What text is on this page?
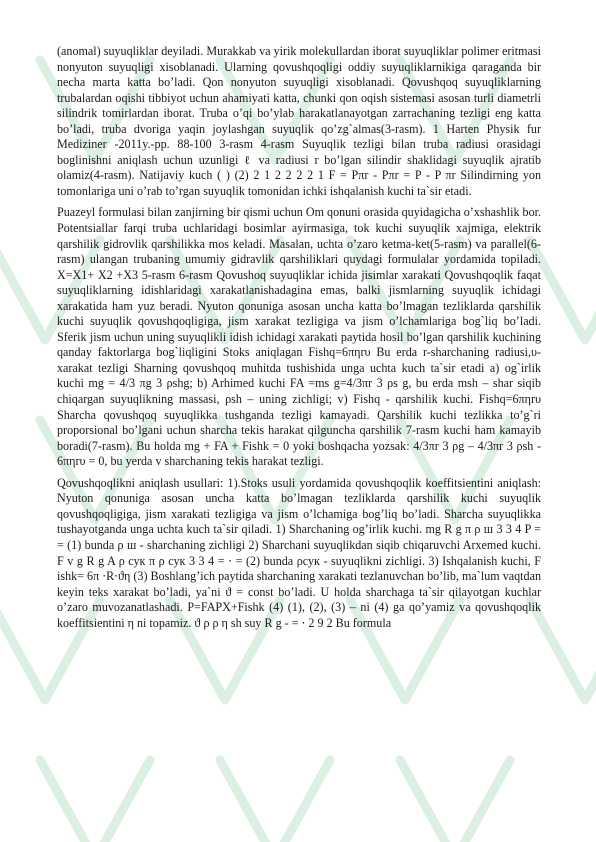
(anomal) suyuqliklar deyiladi. Murakkab va yirik molekullardan iborat suyuqliklar polimer eritmasi nonyuton suyuqligi xisoblanadi. Ularning qovushqoqligi oddiy suyuqliklarnikiga qaraganda bir necha marta katta bo’ladi. Qon nonyuton suyuqligi xisoblanadi. Qovushqoq suyuqliklarning trubalardan oqishi tibbiyot uchun ahamiyati katta, chunki qon oqish sistemasi asosan turli diametrli silindrik tomirlardan iborat. Truba o’qi bo’ylab harakatlanayotgan zarrachaning tezligi eng katta bo’ladi, truba dvoriga yaqin joylashgan suyuqlik qo’zg`almas(3-rasm). 1 Harten Physik fur Mediziner -2011y.-pp. 88-100 3-rasm 4-rasm Suyuqlik tezligi bilan truba radiusi orasidagi boglinishni aniqlash uchun uzunligi ℓ va radiusi r bo’lgan silindir shaklidagi suyuqlik ajratib olamiz(4-rasm). Natijaviy kuch ( ) (2) 2 1 2 2 2 2 1 F = Pπr - Pπr = P - P πr Silindirning yon tomonlariga uni o’rab to’rgan suyuqlik tomonidan ichki ishqalanish kuchi ta`sir etadi.

Puazeyl formulasi bilan zanjirning bir qismi uchun Om qonuni orasida quyidagicha o’xshashlik bor. Potentsiallar farqi truba uchlaridagi bosimlar ayirmasiga, tok kuchi suyuqlik xajmiga, elektrik qarshilik gidrovlik qarshilikka mos keladi. Masalan, uchta o’zaro ketma-ket(5-rasm) va parallel(6-rasm) ulangan trubaning umumiy gidravlik qarshiliklari quydagi formulalar yordamida topiladi. X=X1+ X2 +X3 5-rasm 6-rasm Qovushoq suyuqliklar ichida jisimlar xarakati Qovushqoqlik faqat suyuqliklarning idishlaridagi xarakatlanishadagina emas, balki jismlarning suyuqlik ichidagi xarakatida ham yuz beradi. Nyuton qonuniga asosan uncha katta bo’lmagan tezliklarda qarshilik kuchi suyuqlik qovushqoqligiga, jism xarakat tezligiga va jism o’lchamlariga bog`liq bo’ladi. Sferik jism uchun uning suyuqlikli idish ichidagi xarakati paytida hosil bo’lgan qarshilik kuchining qanday faktorlarga bog`liqligini Stoks aniqlagan Fishq=6πηrυ Bu erda r-sharchaning radiusi,υ-xarakat tezligi Sharning qovushqoq muhitda tushishida unga uchta kuch ta`sir etadi a) og`irlik kuchi mg = 4/3 πg 3 ρshg; b) Arhimed kuchi FA =ms g=4/3πr 3 ρs g, bu erda msh – shar siqib chiqargan suyuqlikning massasi, ρsh – uning zichligi; v) Fishq - qarshilik kuchi. Fishq=6πηrυ Sharcha qovushqoq suyuqlikka tushganda tezligi kamayadi. Qarshilik kuchi tezlikka to’g`ri proporsional bo’lgani uchun sharcha tekis harakat qilguncha qarshilik 7-rasm kuchi ham kamayib boradi(7-rasm). Bu holda mg + FA + Fishk = 0 yoki boshqacha yozsak: 4/3πr 3 ρg – 4/3πr 3 ρsh - 6πηrυ = 0, bu yerda v sharchaning tekis harakat tezligi.

Qovushqoqlikni aniqlash usullari: 1).Stoks usuli yordamida qovushqoqlik koeffitsientini aniqlash: Nyuton qonuniga asosan uncha katta bo’lmagan tezliklarda qarshilik kuchi suyuqlik qovushqoqligiga, jism xarakati tezligiga va jism o’lchamiga bog’liq bo’ladi. Sharcha suyuqlikka tushayotganda unga uchta kuch ta`sir qiladi. 1) Sharchaning og’irlik kuchi. mg R g π ρ ш 3 3 4 P = = (1) bunda ρ ш - sharchaning zichligi 2) Sharchani suyuqlikdan siqib chiqaruvchi Arxemed kuchi. F v g R g A ρ сук π ρ сук 3 3 4 = ⋅ = (2) bunda ρсук - suyuqlikni zichligi. 3) Ishqalanish kuchi, F ishk= 6π ⋅R⋅ϑη (3) Boshlang’ich paytida sharchaning xarakati tezlanuvchan bo’lib, ma`lum vaqtdan keyin teks xarakat bo’ladi, ya`ni ϑ = const bo’ladi. U holda sharchaga ta`sir qilayotgan kuchlar o’zaro muvozanatlashadi. P=FAPX+Fishk (4) (1), (2), (3) – ni (4) ga qo’yamiz va qovushqoqlik koeffitsientini η ni topamiz. ϑ ρ ρ η sh suy R g - = ⋅ 2 9 2 Bu formula
